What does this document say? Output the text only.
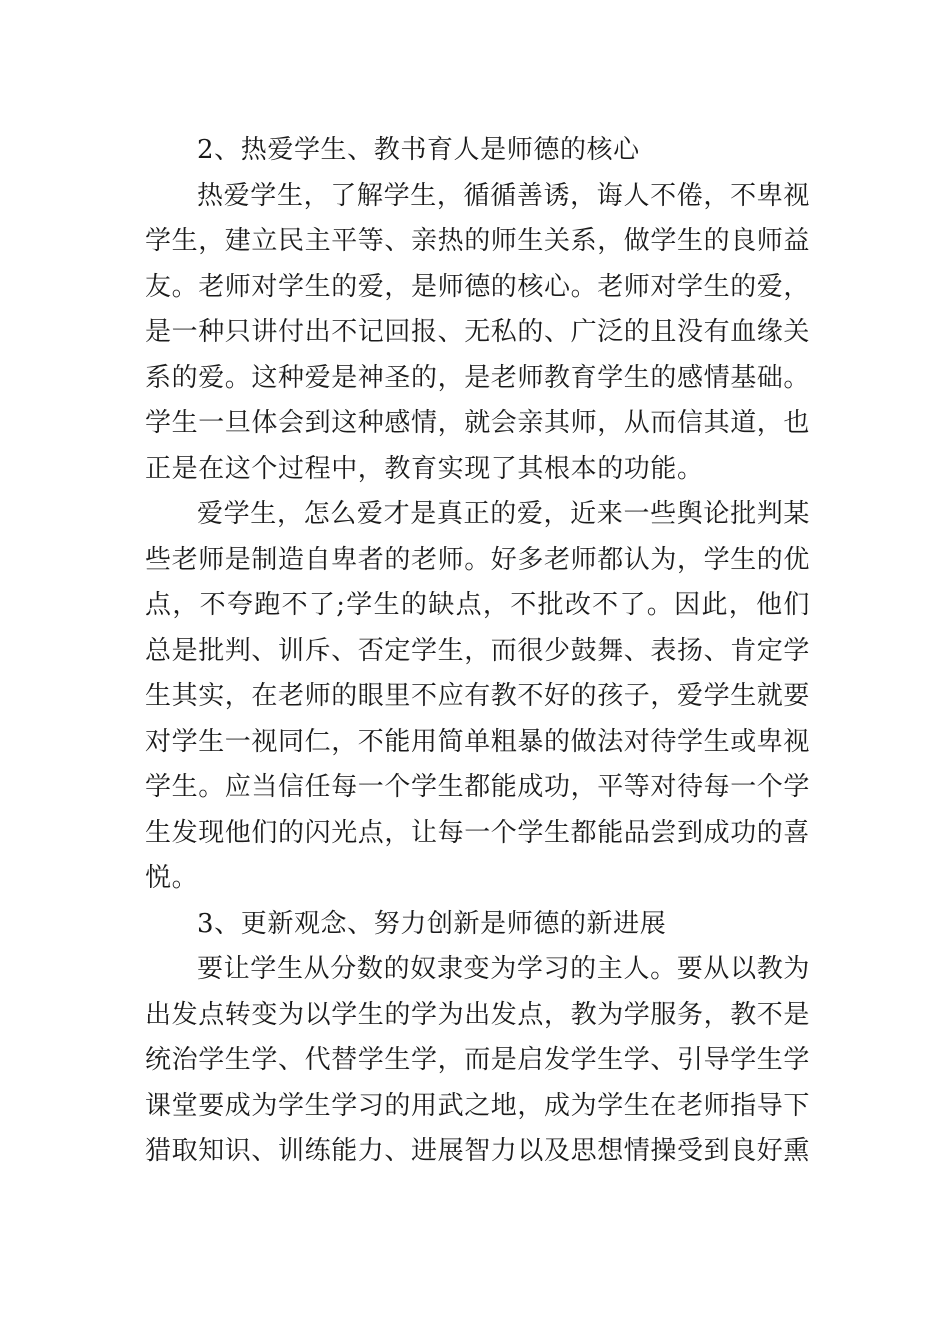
2、热爱学生、教书育人是师德的核心

热爱学生，了解学生，循循善诱，诲人不倦，不卑视学生，建立民主平等、亲热的师生关系，做学生的良师益友。老师对学生的爱，是师德的核心。老师对学生的爱，是一种只讲付出不记回报、无私的、广泛的且没有血缘关系的爱。这种爱是神圣的，是老师教育学生的感情基础。学生一旦体会到这种感情，就会亲其师，从而信其道，也正是在这个过程中，教育实现了其根本的功能。

爱学生，怎么爱才是真正的爱，近来一些舆论批判某些老师是制造自卑者的老师。好多老师都认为，学生的优点，不夸跑不了;学生的缺点，不批改不了。因此，他们总是批判、训斥、否定学生，而很少鼓舞、表扬、肯定学生其实，在老师的眼里不应有教不好的孩子，爱学生就要对学生一视同仁，不能用简单粗暴的做法对待学生或卑视学生。应当信任每一个学生都能成功，平等对待每一个学生发现他们的闪光点，让每一个学生都能品尝到成功的喜悦。

3、更新观念、努力创新是师德的新进展

要让学生从分数的奴隶变为学习的主人。要从以教为出发点转变为以学生的学为出发点，教为学服务，教不是统治学生学、代替学生学，而是启发学生学、引导学生学课堂要成为学生学习的用武之地，成为学生在老师指导下猎取知识、训练能力、进展智力以及思想情操受到良好熏
